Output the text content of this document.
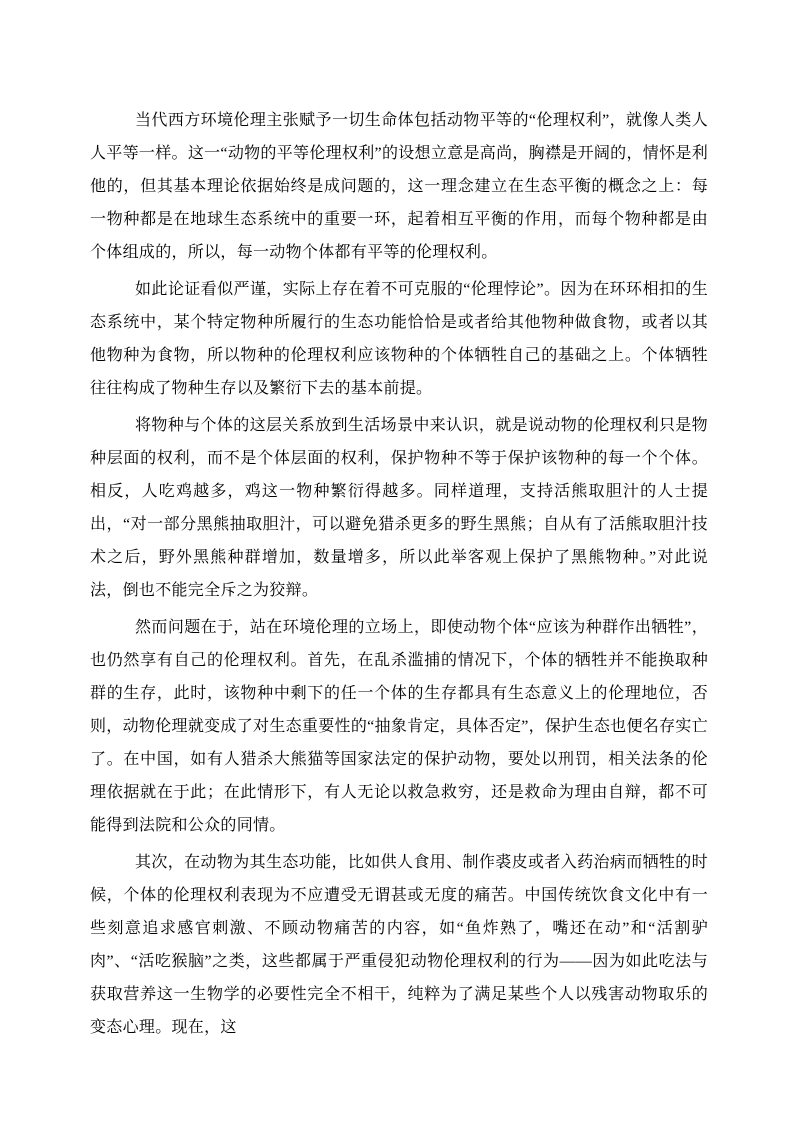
当代西方环境伦理主张赋予一切生命体包括动物平等的“伦理权利”，就像人类人人平等一样。这一“动物的平等伦理权利”的设想立意是高尚，胸襟是开阔的，情怀是利他的，但其基本理论依据始终是成问题的，这一理念建立在生态平衡的概念之上：每一物种都是在地球生态系统中的重要一环，起着相互平衡的作用，而每个物种都是由个体组成的，所以，每一动物个体都有平等的伦理权利。

如此论证看似严谨，实际上存在着不可克服的“伦理悖论”。因为在环环相扣的生态系统中，某个特定物种所履行的生态功能恰恰是或者给其他物种做食物，或者以其他物种为食物，所以物种的伦理权利应该物种的个体牺牲自己的基础之上。个体牺牲往往构成了物种生存以及繁衍下去的基本前提。

将物种与个体的这层关系放到生活场景中来认识，就是说动物的伦理权利只是物种层面的权利，而不是个体层面的权利，保护物种不等于保护该物种的每一个个体。相反，人吃鸡越多，鸡这一物种繁衍得越多。同样道理，支持活熊取胆汁的人士提出，“对一部分黑熊抽取胆汁，可以避免猎杀更多的野生黑熊；自从有了活熊取胆汁技术之后，野外黑熊种群增加，数量增多，所以此举客观上保护了黑熊物种。”对此说法，倒也不能完全斥之为狡辩。

然而问题在于，站在环境伦理的立场上，即使动物个体“应该为种群作出牺牲”，也仍然享有自己的伦理权利。首先，在乱杀滥捕的情况下，个体的牺牲并不能换取种群的生存，此时，该物种中剩下的任一个体的生存都具有生态意义上的伦理地位，否则，动物伦理就变成了对生态重要性的“抽象肯定，具体否定”，保护生态也便名存实亡了。在中国，如有人猎杀大熊猫等国家法定的保护动物，要处以刑罚，相关法条的伦理依据就在于此；在此情形下，有人无论以救急救穷，还是救命为理由自辩，都不可能得到法院和公众的同情。

其次，在动物为其生态功能，比如供人食用、制作裘皮或者入药治病而牺牲的时候，个体的伦理权利表现为不应遭受无谓甚或无度的痛苦。中国传统饮食文化中有一些刻意追求感官刺激、不顾动物痛苦的内容，如“鱼炸熟了，嘴还在动”和“活割驴肉”、“活吃猴脑”之类，这些都属于严重侵犯动物伦理权利的行为——因为如此吃法与获取营养这一生物学的必要性完全不相干，纯粹为了满足某些个人以残害动物取乐的变态心理。现在，这
